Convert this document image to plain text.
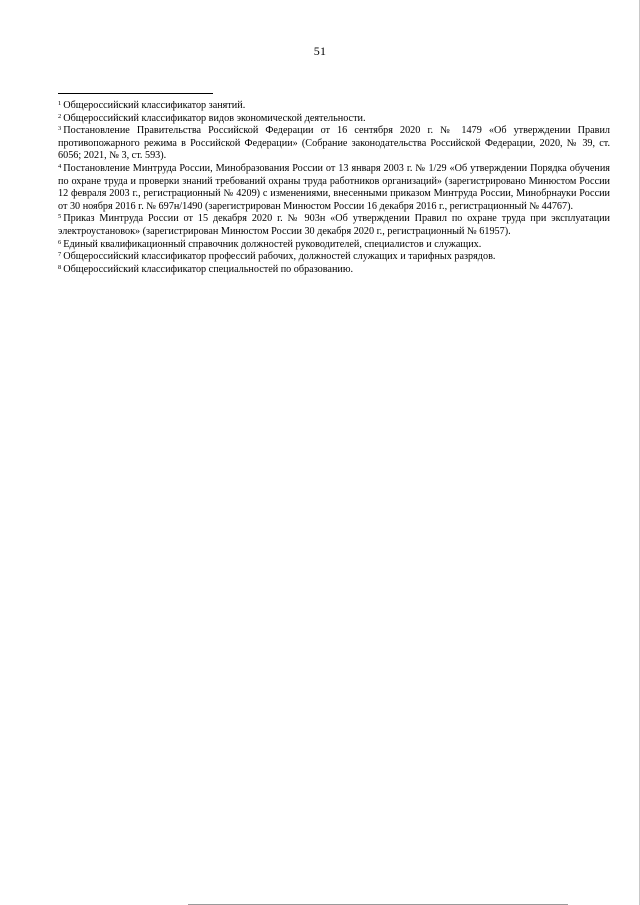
51
$^1$ Общероссийский классификатор занятий.
$^2$ Общероссийский классификатор видов экономической деятельности.
$^3$ Постановление Правительства Российской Федерации от 16 сентября 2020 г. № 1479 «Об утверждении Правил противопожарного режима в Российской Федерации» (Собрание законодательства Российской Федерации, 2020, № 39, ст. 6056; 2021, № 3, ст. 593).
$^4$ Постановление Минтруда России, Минобразования России от 13 января 2003 г. № 1/29 «Об утверждении Порядка обучения по охране труда и проверки знаний требований охраны труда работников организаций» (зарегистрировано Минюстом России 12 февраля 2003 г., регистрационный № 4209) с изменениями, внесенными приказом Минтруда России, Минобрнауки России от 30 ноября 2016 г. № 697н/1490 (зарегистрирован Минюстом России 16 декабря 2016 г., регистрационный № 44767).
$^5$ Приказ Минтруда России от 15 декабря 2020 г. № 903н «Об утверждении Правил по охране труда при эксплуатации электроустановок» (зарегистрирован Минюстом России 30 декабря 2020 г., регистрационный № 61957).
$^6$ Единый квалификационный справочник должностей руководителей, специалистов и служащих.
$^7$ Общероссийский классификатор профессий рабочих, должностей служащих и тарифных разрядов.
$^8$ Общероссийский классификатор специальностей по образованию.
